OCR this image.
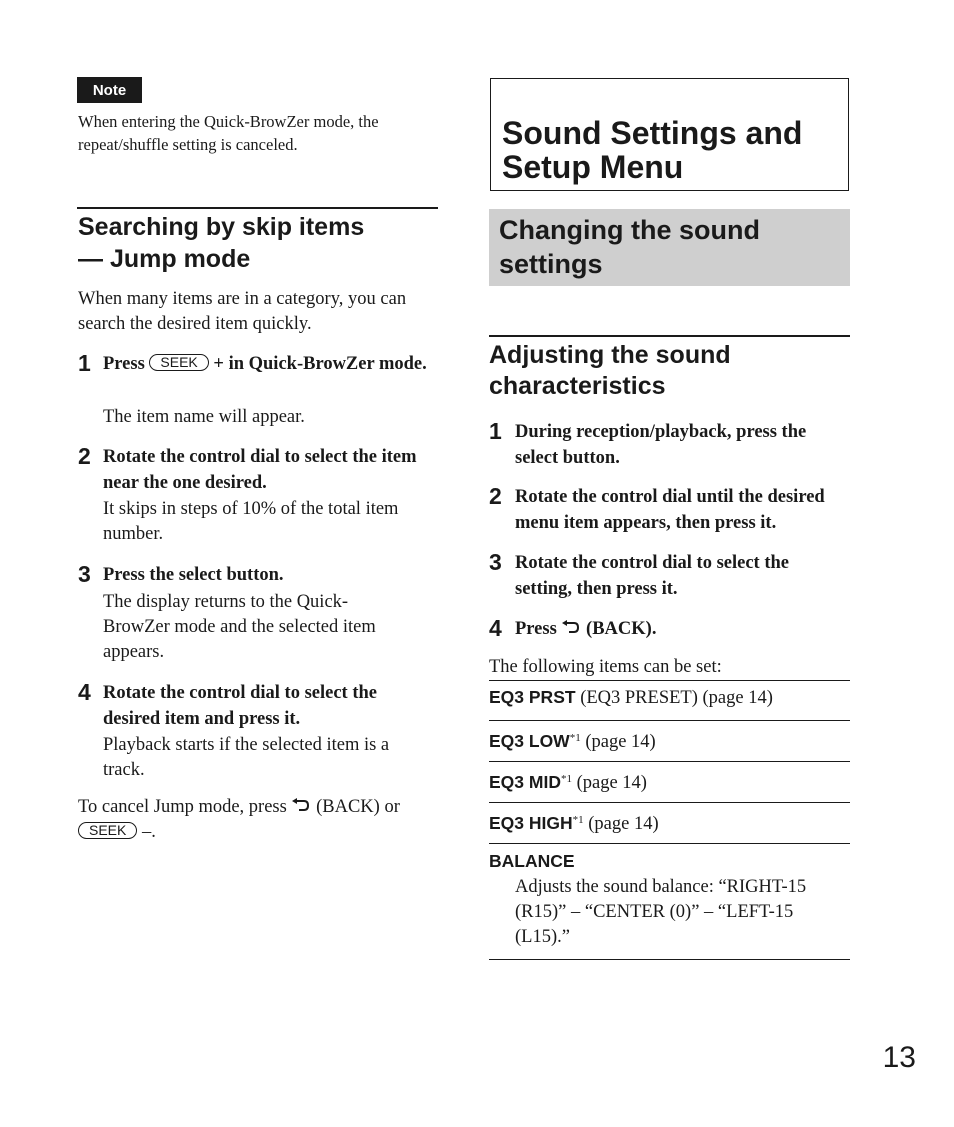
Note
When entering the Quick-BrowZer mode, the repeat/shuffle setting is canceled.
Searching by skip items
— Jump mode
When many items are in a category, you can search the desired item quickly.
1 Press SEEK + in Quick-BrowZer mode.
The item name will appear.
2 Rotate the control dial to select the item near the one desired.
It skips in steps of 10% of the total item number.
3 Press the select button.
The display returns to the Quick-BrowZer mode and the selected item appears.
4 Rotate the control dial to select the desired item and press it.
Playback starts if the selected item is a track.
To cancel Jump mode, press (BACK) or
SEEK –.
Sound Settings and Setup Menu
Changing the sound settings
Adjusting the sound characteristics
1 During reception/playback, press the select button.
2 Rotate the control dial until the desired menu item appears, then press it.
3 Rotate the control dial to select the setting, then press it.
4 Press (BACK).
The following items can be set:
EQ3 PRST (EQ3 PRESET) (page 14)
EQ3 LOW$^{*1}$ (page 14)
EQ3 MID$^{*1}$ (page 14)
EQ3 HIGH$^{*1}$ (page 14)
BALANCE
Adjusts the sound balance: “RIGHT-15 (R15)” – “CENTER (0)” – “LEFT-15 (L15).”
13
